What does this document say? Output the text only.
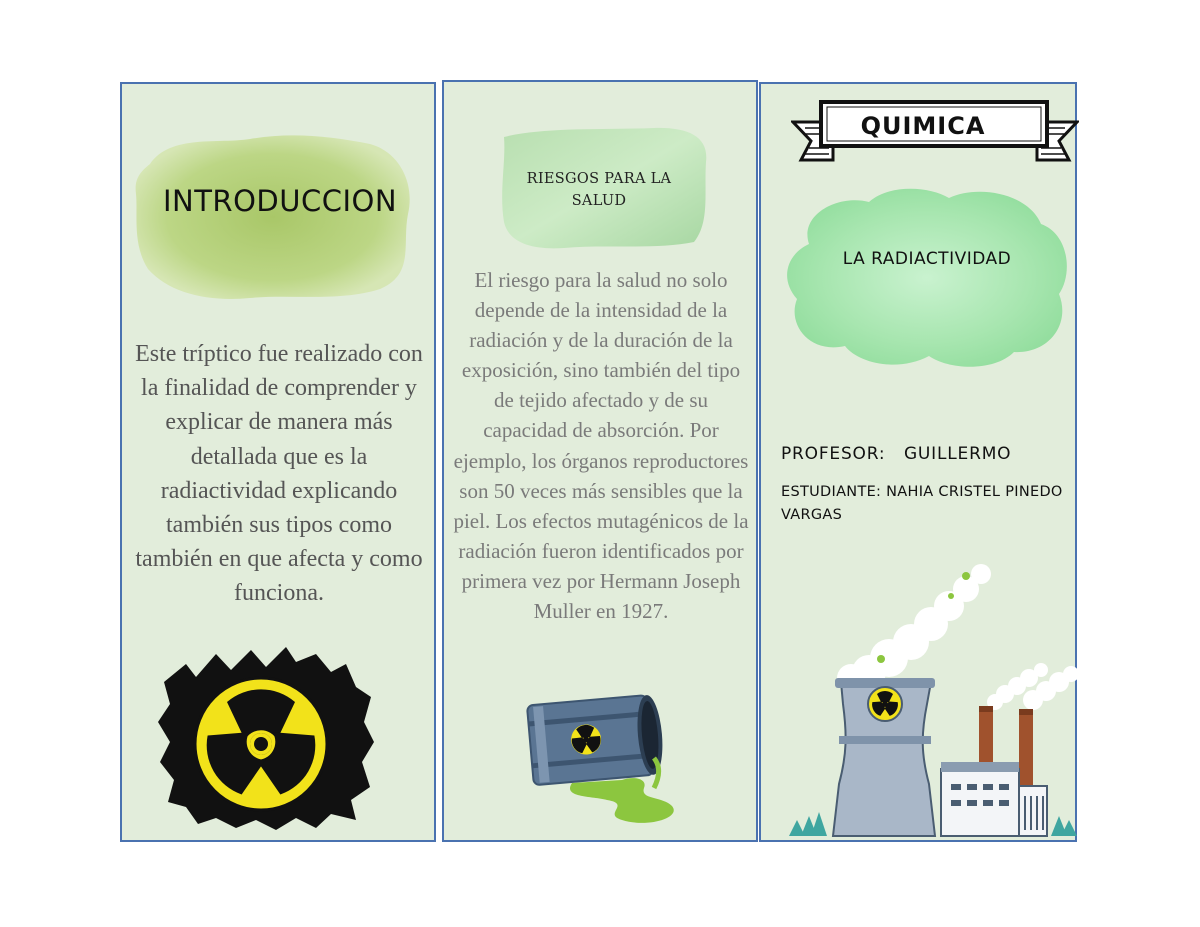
INTRODUCCION
Este tríptico fue realizado con la finalidad de comprender y explicar de manera más detallada que es la radiactividad explicando también sus tipos como también en que afecta y como funciona.
RIESGOS PARA LA SALUD
El riesgo para la salud no solo depende de la intensidad de la radiación y de la duración de la exposición, sino también del tipo de tejido afectado y de su capacidad de absorción. Por ejemplo, los órganos reproductores son 50 veces más sensibles que la piel. Los efectos mutagénicos de la radiación fueron identificados por primera vez por Hermann Joseph Muller en 1927.
QUIMICA
LA RADIACTIVIDAD
PROFESOR:   GUILLERMO
ESTUDIANTE: NAHIA CRISTEL PINEDO VARGAS
